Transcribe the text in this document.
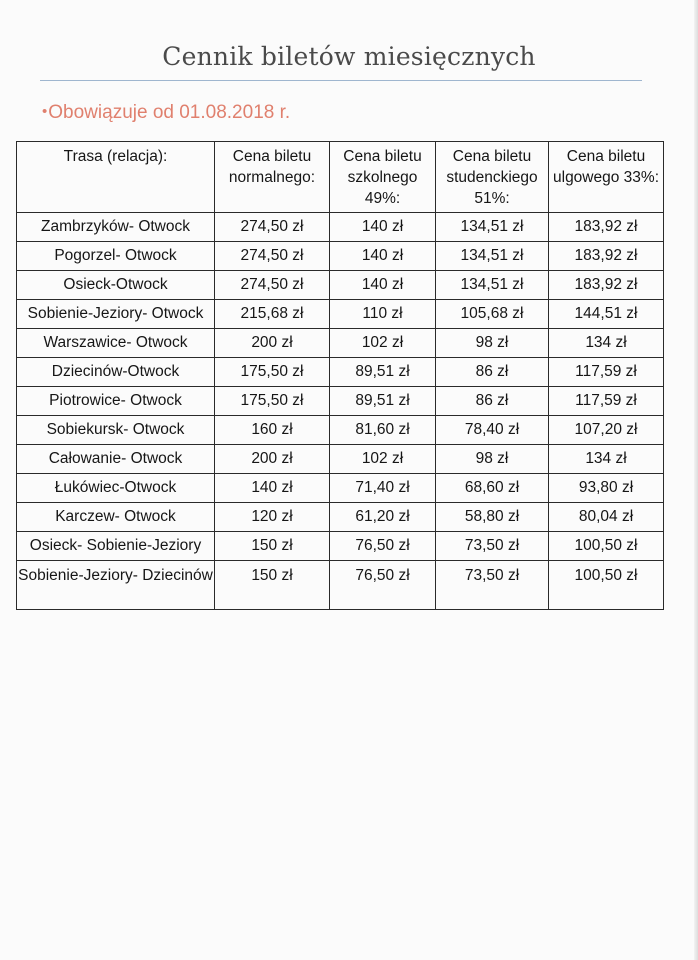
Cennik biletów miesięcznych
•Obowiązuje od 01.08.2018 r.
Trasa (relacja):	Cena biletu normalnego:	Cena biletu szkolnego 49%:	Cena biletu studenckiego 51%:	Cena biletu ulgowego 33%:
Zambrzyków- Otwock	274,50 zł	140 zł	134,51 zł	183,92 zł
Pogorzel- Otwock	274,50 zł	140 zł	134,51 zł	183,92 zł
Osieck-Otwock	274,50 zł	140 zł	134,51 zł	183,92 zł
Sobienie-Jeziory- Otwock	215,68 zł	110 zł	105,68 zł	144,51 zł
Warszawice- Otwock	200 zł	102 zł	98 zł	134 zł
Dziecinów-Otwock	175,50 zł	89,51 zł	86 zł	117,59 zł
Piotrowice- Otwock	175,50 zł	89,51 zł	86 zł	117,59 zł
Sobiekursk- Otwock	160 zł	81,60 zł	78,40 zł	107,20 zł
Całowanie- Otwock	200 zł	102 zł	98 zł	134 zł
Łukówiec-Otwock	140 zł	71,40 zł	68,60 zł	93,80 zł
Karczew- Otwock	120 zł	61,20 zł	58,80 zł	80,04 zł
Osieck- Sobienie-Jeziory	150 zł	76,50 zł	73,50 zł	100,50 zł
Sobienie-Jeziory- Dziecinów	150 zł	76,50 zł	73,50 zł	100,50 zł
